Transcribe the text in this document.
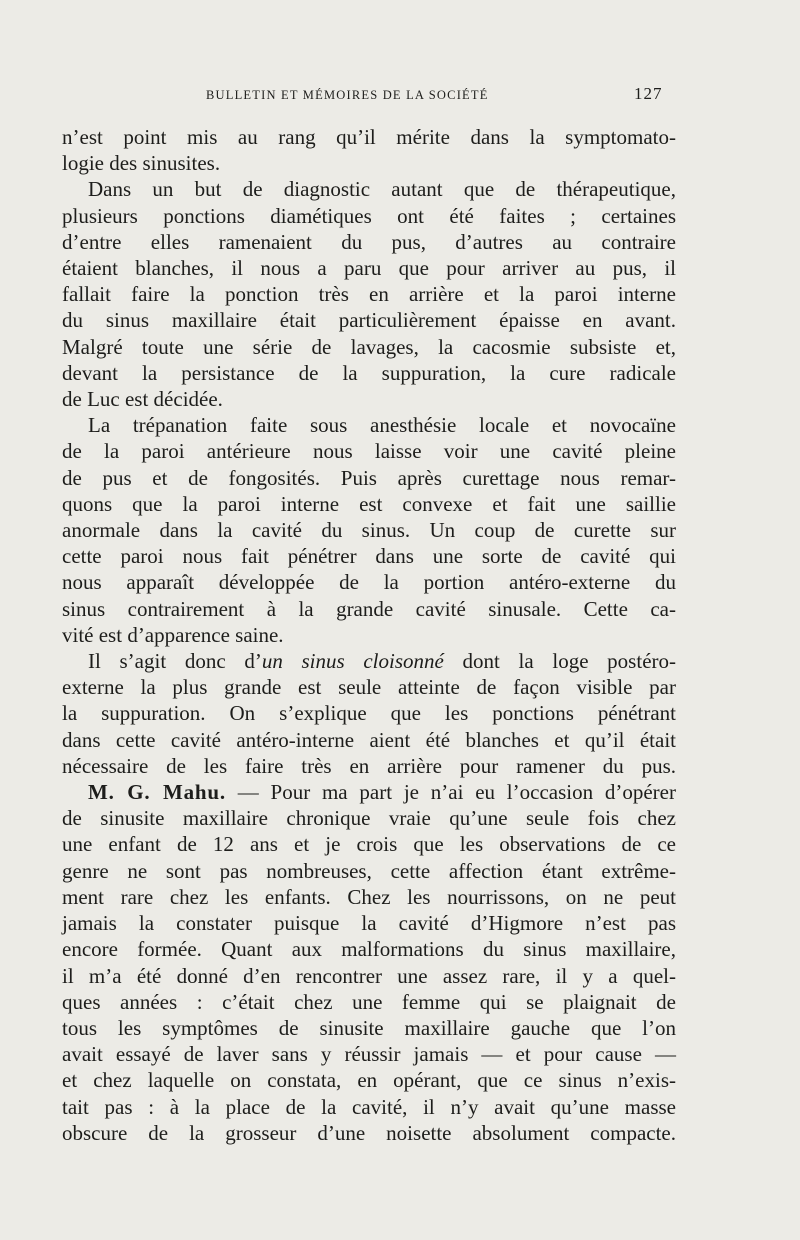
BULLETIN ET MÉMOIRES DE LA SOCIÉTÉ	127
n’est point mis au rang qu’il mérite dans la symptomato-
logie des sinusites.
Dans un but de diagnostic autant que de thérapeutique,
plusieurs ponctions diamétiques ont été faites ; certaines
d’entre elles ramenaient du pus, d’autres au contraire
étaient blanches, il nous a paru que pour arriver au pus, il
fallait faire la ponction très en arrière et la paroi interne
du sinus maxillaire était particulièrement épaisse en avant.
Malgré toute une série de lavages, la cacosmie subsiste et,
devant la persistance de la suppuration, la cure radicale
de Luc est décidée.
La trépanation faite sous anesthésie locale et novocaïne
de la paroi antérieure nous laisse voir une cavité pleine
de pus et de fongosités. Puis après curettage nous remar-
quons que la paroi interne est convexe et fait une saillie
anormale dans la cavité du sinus. Un coup de curette sur
cette paroi nous fait pénétrer dans une sorte de cavité qui
nous apparaît développée de la portion antéro-externe du
sinus contrairement à la grande cavité sinusale. Cette ca-
vité est d’apparence saine.
Il s’agit donc d’un sinus cloisonné dont la loge postéro-
externe la plus grande est seule atteinte de façon visible par
la suppuration. On s’explique que les ponctions pénétrant
dans cette cavité antéro-interne aient été blanches et qu’il était
nécessaire de les faire très en arrière pour ramener du pus.
M. G. Mahu. — Pour ma part je n’ai eu l’occasion d’opérer
de sinusite maxillaire chronique vraie qu’une seule fois chez
une enfant de 12 ans et je crois que les observations de ce
genre ne sont pas nombreuses, cette affection étant extrême-
ment rare chez les enfants. Chez les nourrissons, on ne peut
jamais la constater puisque la cavité d’Higmore n’est pas
encore formée. Quant aux malformations du sinus maxillaire,
il m’a été donné d’en rencontrer une assez rare, il y a quel-
ques années : c’était chez une femme qui se plaignait de
tous les symptômes de sinusite maxillaire gauche que l’on
avait essayé de laver sans y réussir jamais — et pour cause —
et chez laquelle on constata, en opérant, que ce sinus n’exis-
tait pas : à la place de la cavité, il n’y avait qu’une masse
obscure de la grosseur d’une noisette absolument compacte.
